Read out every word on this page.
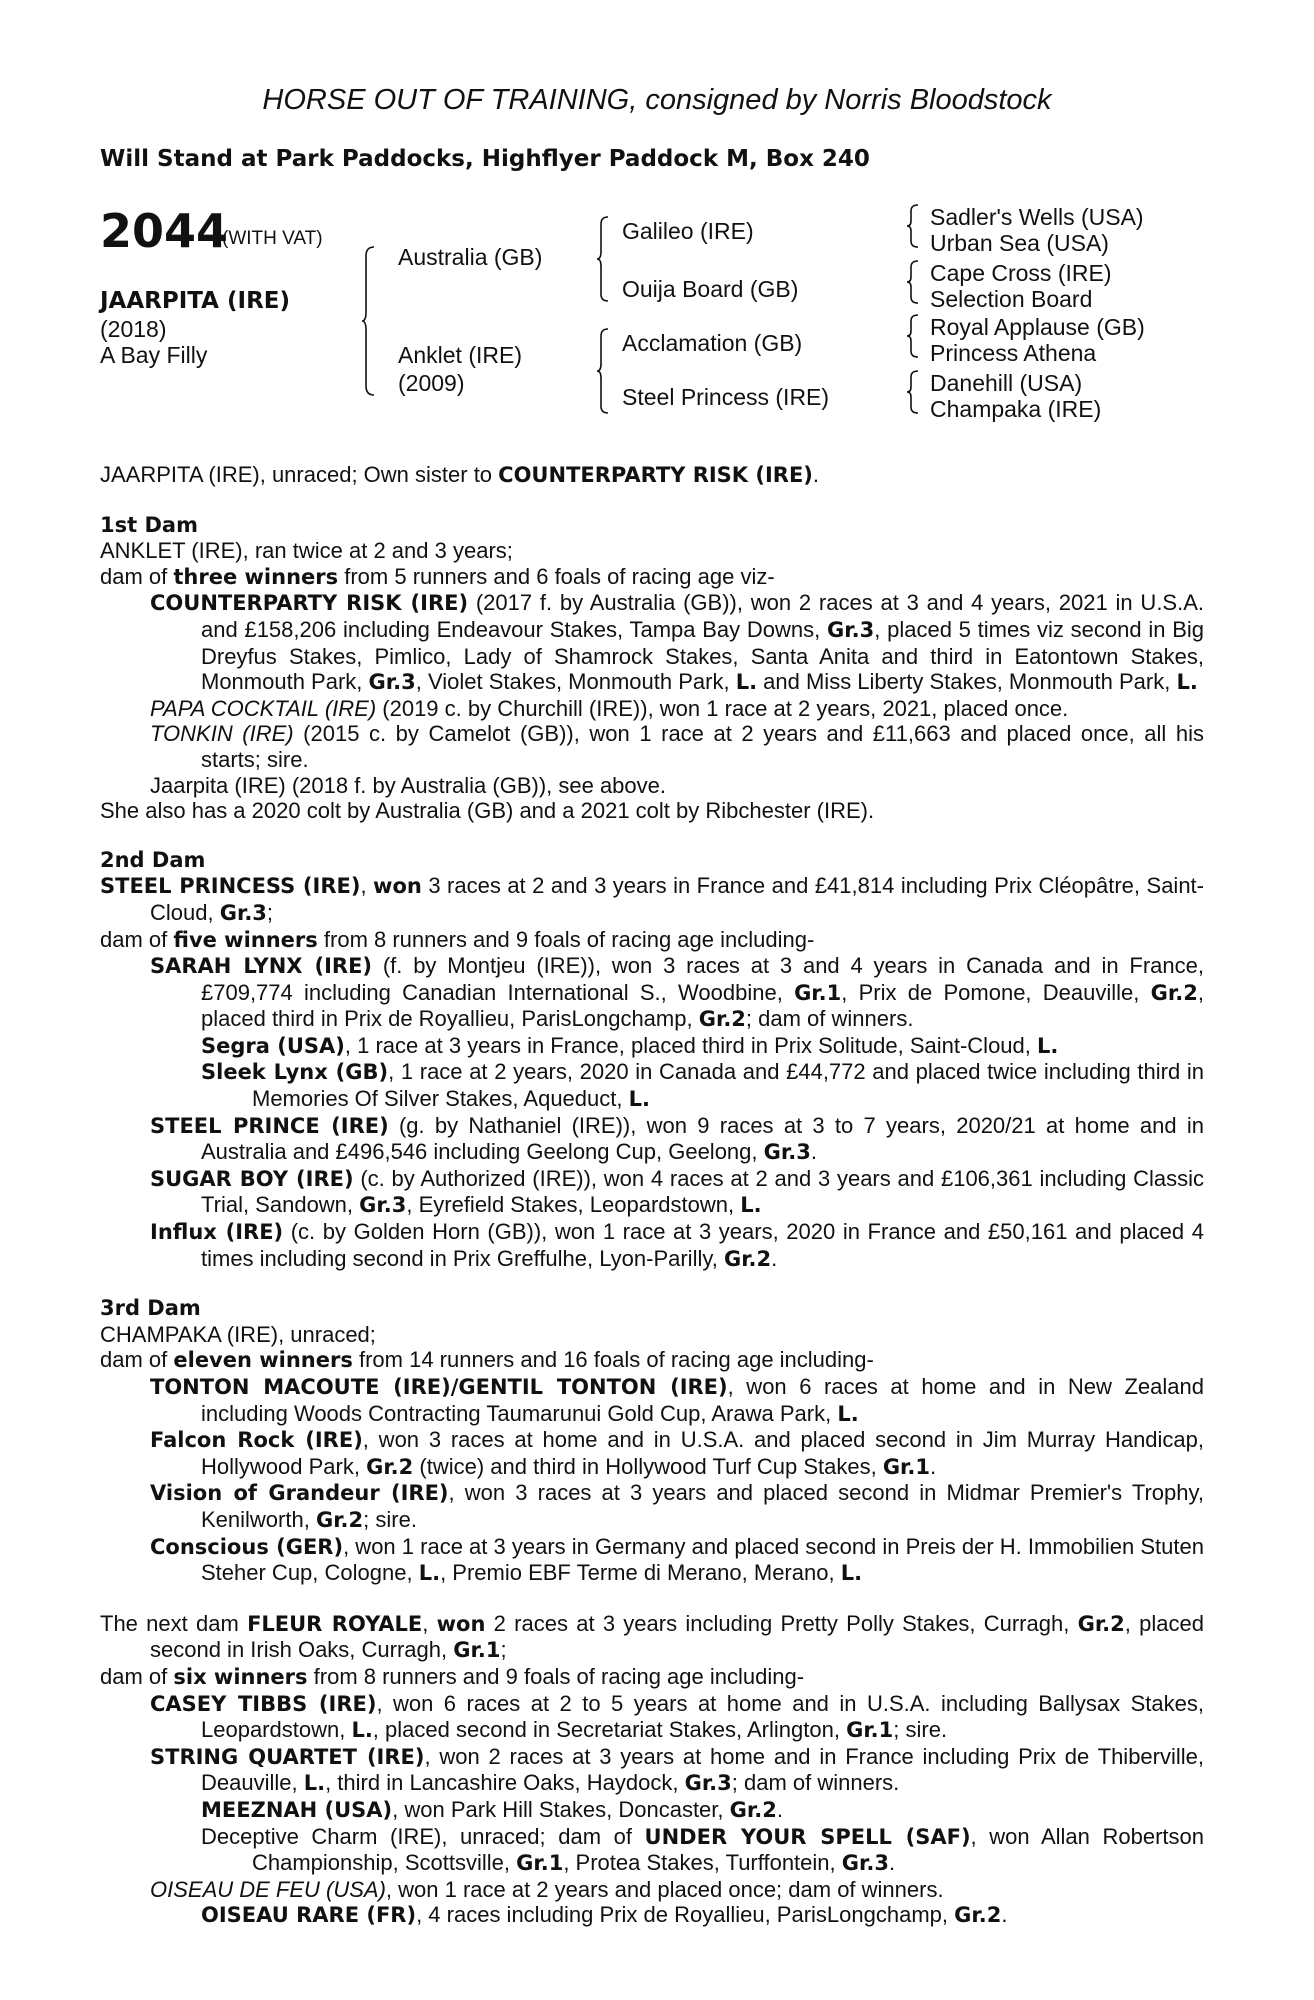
HORSE OUT OF TRAINING, consigned by Norris Bloodstock
Will Stand at Park Paddocks, Highflyer Paddock M, Box 240
2044
(WITH VAT)
JAARPITA (IRE)
(2018)
A Bay Filly
Australia (GB)
Anklet (IRE)
(2009)
Galileo (IRE)
Ouija Board (GB)
Acclamation (GB)
Steel Princess (IRE)
Sadler's Wells (USA)
Urban Sea (USA)
Cape Cross (IRE)
Selection Board
Royal Applause (GB)
Princess Athena
Danehill (USA)
Champaka (IRE)

JAARPITA (IRE), unraced; Own sister to COUNTERPARTY RISK (IRE).

1st Dam

ANKLET (IRE), ran twice at 2 and 3 years;

dam of three winners from 5 runners and 6 foals of racing age viz-

COUNTERPARTY RISK (IRE) (2017 f. by Australia (GB)), won 2 races at 3 and 4 years, 2021 in U.S.A. and £158,206 including Endeavour Stakes, Tampa Bay Downs, Gr.3, placed 5 times viz second in Big Dreyfus Stakes, Pimlico, Lady of Shamrock Stakes, Santa Anita and third in Eatontown Stakes, Monmouth Park, Gr.3, Violet Stakes, Monmouth Park, L. and Miss Liberty Stakes, Monmouth Park, L.

PAPA COCKTAIL (IRE) (2019 c. by Churchill (IRE)), won 1 race at 2 years, 2021, placed once.

TONKIN (IRE) (2015 c. by Camelot (GB)), won 1 race at 2 years and £11,663 and placed once, all his starts; sire.

Jaarpita (IRE) (2018 f. by Australia (GB)), see above.

She also has a 2020 colt by Australia (GB) and a 2021 colt by Ribchester (IRE).

2nd Dam

STEEL PRINCESS (IRE), won 3 races at 2 and 3 years in France and £41,814 including Prix Cléopâtre, Saint-Cloud, Gr.3;

dam of five winners from 8 runners and 9 foals of racing age including-

SARAH LYNX (IRE) (f. by Montjeu (IRE)), won 3 races at 3 and 4 years in Canada and in France, £709,774 including Canadian International S., Woodbine, Gr.1, Prix de Pomone, Deauville, Gr.2, placed third in Prix de Royallieu, ParisLongchamp, Gr.2; dam of winners.

Segra (USA), 1 race at 3 years in France, placed third in Prix Solitude, Saint-Cloud, L.

Sleek Lynx (GB), 1 race at 2 years, 2020 in Canada and £44,772 and placed twice including third in Memories Of Silver Stakes, Aqueduct, L.

STEEL PRINCE (IRE) (g. by Nathaniel (IRE)), won 9 races at 3 to 7 years, 2020/21 at home and in Australia and £496,546 including Geelong Cup, Geelong, Gr.3.

SUGAR BOY (IRE) (c. by Authorized (IRE)), won 4 races at 2 and 3 years and £106,361 including Classic Trial, Sandown, Gr.3, Eyrefield Stakes, Leopardstown, L.

Influx (IRE) (c. by Golden Horn (GB)), won 1 race at 3 years, 2020 in France and £50,161 and placed 4 times including second in Prix Greffulhe, Lyon-Parilly, Gr.2.

3rd Dam

CHAMPAKA (IRE), unraced;

dam of eleven winners from 14 runners and 16 foals of racing age including-

TONTON MACOUTE (IRE)/GENTIL TONTON (IRE), won 6 races at home and in New Zealand including Woods Contracting Taumarunui Gold Cup, Arawa Park, L.

Falcon Rock (IRE), won 3 races at home and in U.S.A. and placed second in Jim Murray Handicap, Hollywood Park, Gr.2 (twice) and third in Hollywood Turf Cup Stakes, Gr.1.

Vision of Grandeur (IRE), won 3 races at 3 years and placed second in Midmar Premier's Trophy, Kenilworth, Gr.2; sire.

Conscious (GER), won 1 race at 3 years in Germany and placed second in Preis der H. Immobilien Stuten Steher Cup, Cologne, L., Premio EBF Terme di Merano, Merano, L.

The next dam FLEUR ROYALE, won 2 races at 3 years including Pretty Polly Stakes, Curragh, Gr.2, placed second in Irish Oaks, Curragh, Gr.1;

dam of six winners from 8 runners and 9 foals of racing age including-

CASEY TIBBS (IRE), won 6 races at 2 to 5 years at home and in U.S.A. including Ballysax Stakes, Leopardstown, L., placed second in Secretariat Stakes, Arlington, Gr.1; sire.

STRING QUARTET (IRE), won 2 races at 3 years at home and in France including Prix de Thiberville, Deauville, L., third in Lancashire Oaks, Haydock, Gr.3; dam of winners.

MEEZNAH (USA), won Park Hill Stakes, Doncaster, Gr.2.

Deceptive Charm (IRE), unraced; dam of UNDER YOUR SPELL (SAF), won Allan Robertson Championship, Scottsville, Gr.1, Protea Stakes, Turffontein, Gr.3.

OISEAU DE FEU (USA), won 1 race at 2 years and placed once; dam of winners.

OISEAU RARE (FR), 4 races including Prix de Royallieu, ParisLongchamp, Gr.2.
